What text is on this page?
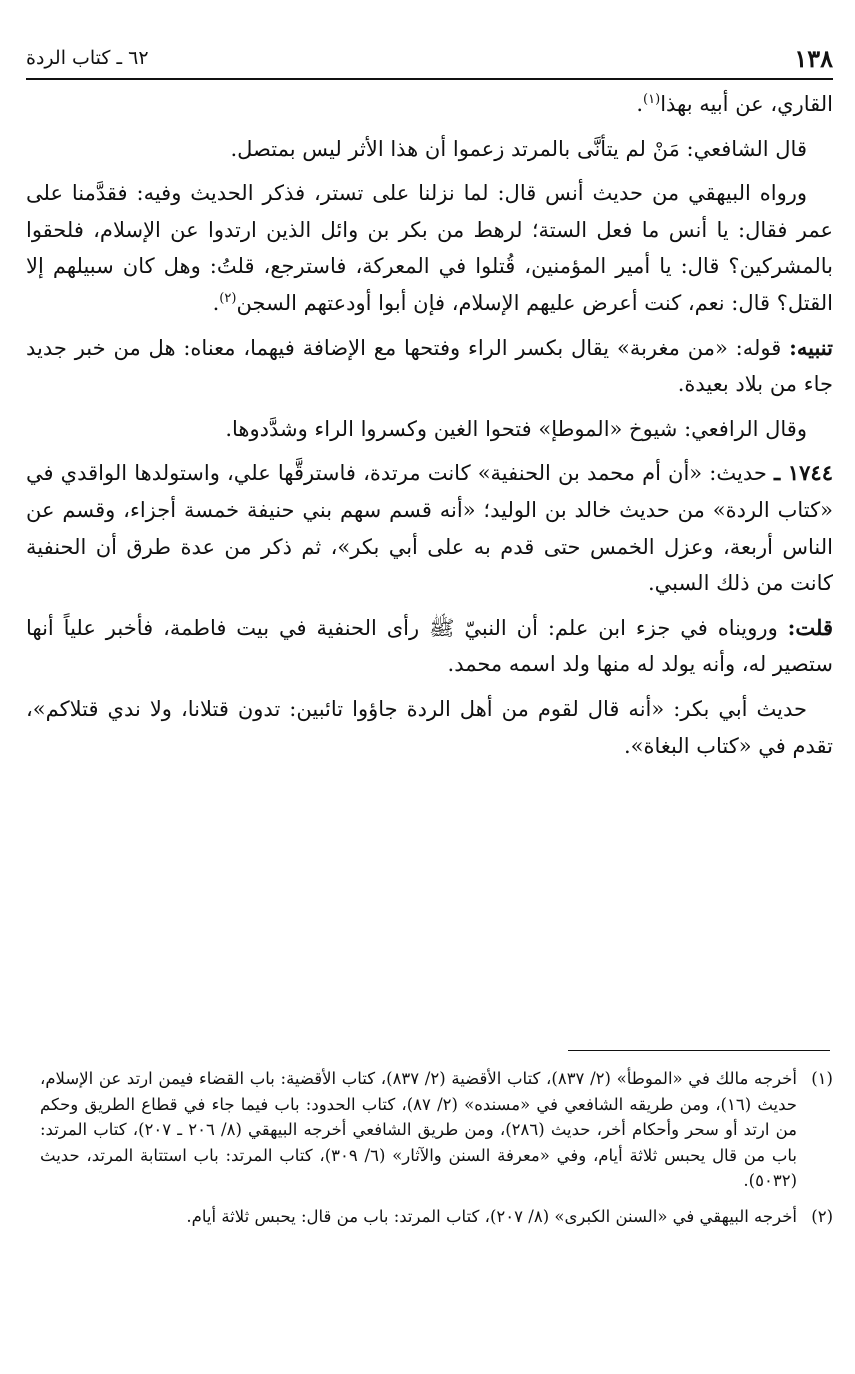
١٣٨
٦٢ ـ كتاب الردة

القاري، عن أبيه بهذا$^{(١)}$.

قال الشافعي: مَنْ لم يتأنَّى بالمرتد زعموا أن هذا الأثر ليس بمتصل.

ورواه البيهقي من حديث أنس قال: لما نزلنا على تستر، فذكر الحديث وفيه: فقدَّمنا على عمر فقال: يا أنس ما فعل الستة؛ لرهط من بكر بن وائل الذين ارتدوا عن الإسلام، فلحقوا بالمشركين؟ قال: يا أمير المؤمنين، قُتلوا في المعركة، فاسترجع، قلتُ: وهل كان سبيلهم إلا القتل؟ قال: نعم، كنت أعرض عليهم الإسلام، فإن أبوا أودعتهم السجن$^{(٢)}$.

تنبيه: قوله: «من مغربة» يقال بكسر الراء وفتحها مع الإضافة فيهما، معناه: هل من خبر جديد جاء من بلاد بعيدة.

وقال الرافعي: شيوخ «الموطإ» فتحوا الغين وكسروا الراء وشدَّدوها.

١٧٤٤ ـ حديث: «أن أم محمد بن الحنفية» كانت مرتدة، فاسترقَّها علي، واستولدها الواقدي في «كتاب الردة» من حديث خالد بن الوليد؛ «أنه قسم سهم بني حنيفة خمسة أجزاء، وقسم عن الناس أربعة، وعزل الخمس حتى قدم به على أبي بكر»، ثم ذكر من عدة طرق أن الحنفية كانت من ذلك السبي.

قلت: ورويناه في جزء ابن علم: أن النبيّ ﷺ رأى الحنفية في بيت فاطمة، فأخبر علياً أنها ستصير له، وأنه يولد له منها ولد اسمه محمد.

حديث أبي بكر: «أنه قال لقوم من أهل الردة جاؤوا تائبين: تدون قتلانا، ولا ندي قتلاكم»، تقدم في «كتاب البغاة».

(١)أخرجه مالك في «الموطأ» (٢/ ٨٣٧)، كتاب الأقضية (٢/ ٨٣٧)، كتاب الأقضية: باب القضاء فيمن ارتد عن الإسلام، حديث (١٦)، ومن طريقه الشافعي في «مسنده» (٢/ ٨٧)، كتاب الحدود: باب فيما جاء في قطاع الطريق وحكم من ارتد أو سحر وأحكام أخر، حديث (٢٨٦)، ومن طريق الشافعي أخرجه البيهقي (٨/ ٢٠٦ ـ ٢٠٧)، كتاب المرتد: باب من قال يحبس ثلاثة أيام، وفي «معرفة السنن والآثار» (٦/ ٣٠٩)، كتاب المرتد: باب استتابة المرتد، حديث (٥٠٣٢).

(٢)أخرجه البيهقي في «السنن الكبرى» (٨/ ٢٠٧)، كتاب المرتد: باب من قال: يحبس ثلاثة أيام.
